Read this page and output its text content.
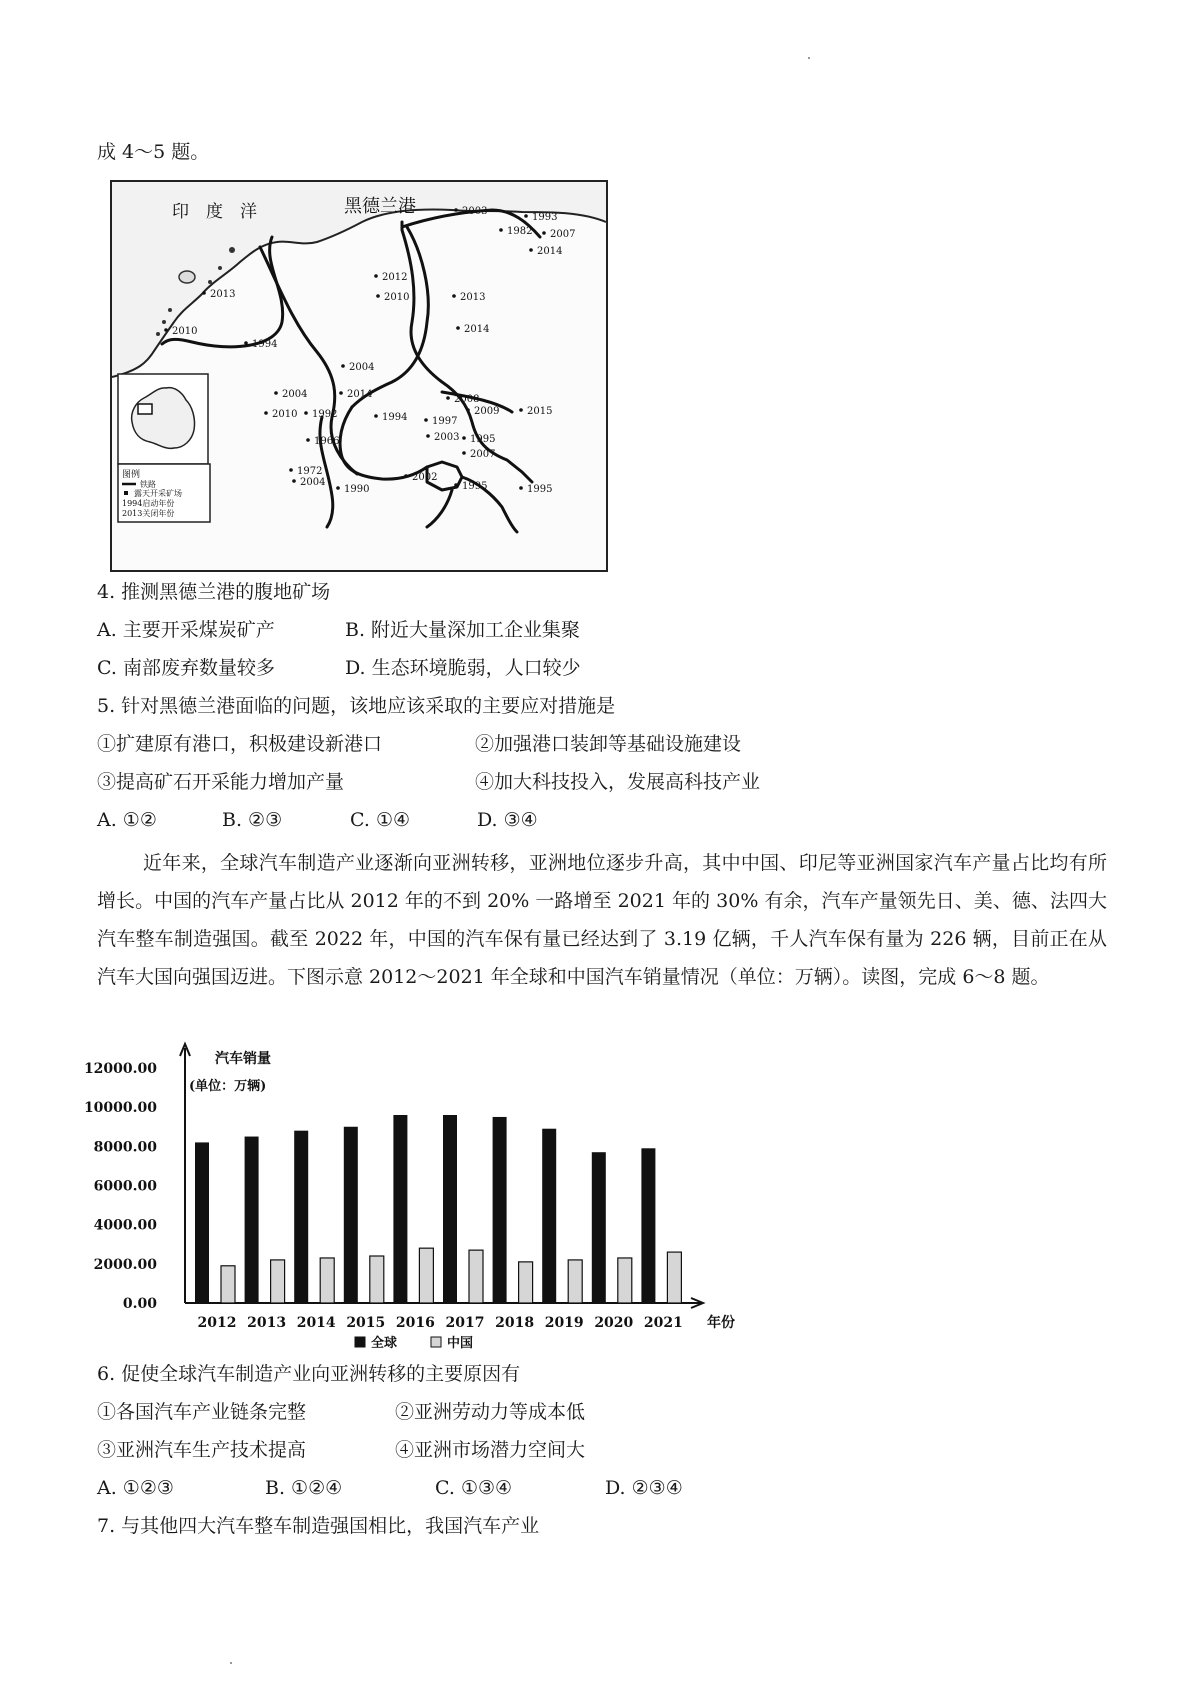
成 4～5 题。
2003
1993
1982 2007
2014
2012
2010	2013
2014
2013
2010
1994
2004
2014
2004
2010 1992	1994
2008
2009	2015
1997
2003 1995
1966
2007
1972
2004
1990
2002
1995	1995
印　度　洋	黑德兰港
图例
铁路
露天开采矿场
1994启动年份
2013关闭年份
4. 推测黑德兰港的腹地矿场
A. 主要开采煤炭矿产	B. 附近大量深加工企业集聚
C. 南部废弃数量较多	D. 生态环境脆弱，人口较少
5. 针对黑德兰港面临的问题，该地应该采取的主要应对措施是
①扩建原有港口，积极建设新港口	②加强港口装卸等基础设施建设
③提高矿石开采能力增加产量	④加大科技投入，发展高科技产业
A. ①②	B. ②③	C. ①④	D. ③④
近年来，全球汽车制造产业逐渐向亚洲转移，亚洲地位逐步升高，其中中国、印尼等亚洲国家汽车产量占比均有所增长。中国的汽车产量占比从 2012 年的不到 20% 一路增至 2021 年的 30% 有余，汽车产量领先日、美、德、法四大汽车整车制造强国。截至 2022 年，中国的汽车保有量已经达到了 3.19 亿辆，千人汽车保有量为 226 辆，目前正在从汽车大国向强国迈进。下图示意 2012～2021 年全球和中国汽车销量情况（单位：万辆）。读图，完成 6～8 题。
汽车销量
(单位：万辆)
0.00
2000.00
4000.00
6000.00
8000.00
10000.00
12000.00
2012 2013 2014 2015 2016 2017 2018 2019 2020 2021 年份
全球	中国
6. 促使全球汽车制造产业向亚洲转移的主要原因有
①各国汽车产业链条完整	②亚洲劳动力等成本低
③亚洲汽车生产技术提高	④亚洲市场潜力空间大
A. ①②③	B. ①②④	C. ①③④	D. ②③④
7. 与其他四大汽车整车制造强国相比，我国汽车产业
